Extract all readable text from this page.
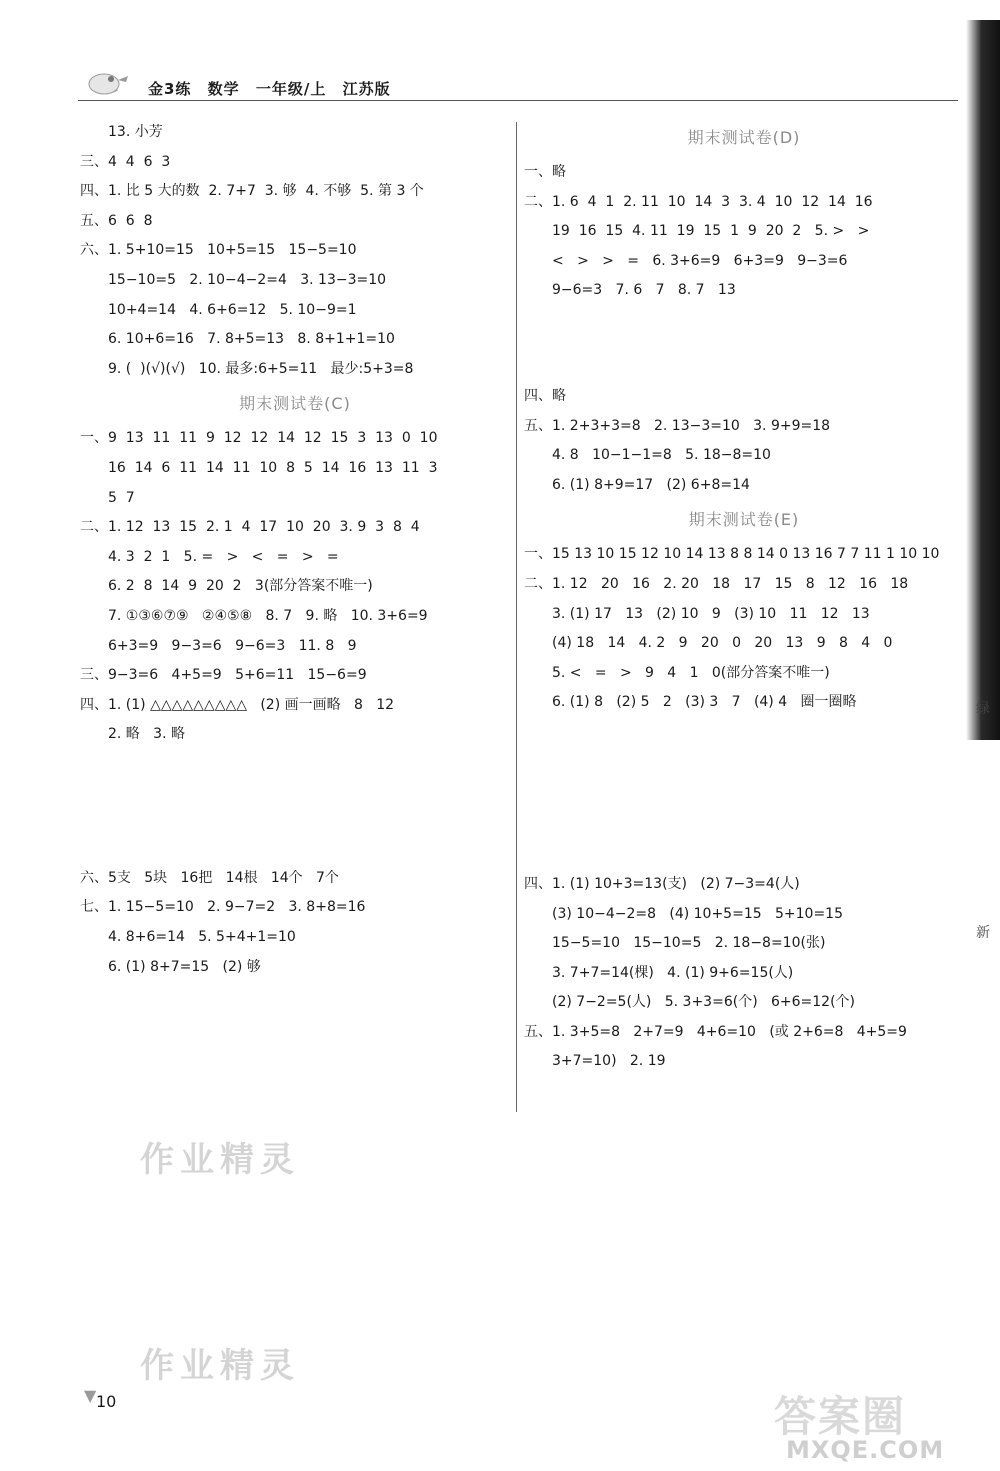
绿
新
金3练 数学 一年级/上 江苏版
13. 小芳
三、4  4  6  3
四、1. 比 5 大的数  2. 7+7  3. 够  4. 不够  5. 第 3 个
五、6  6  8
六、1. 5+10=15   10+5=15   15−5=10
15−10=5   2. 10−4−2=4   3. 13−3=10
10+4=14   4. 6+6=12   5. 10−9=1
6. 10+6=16   7. 8+5=13   8. 8+1+1=10
9. (  )(√)(√)   10. 最多:6+5=11   最少:5+3=8
期末测试卷(C)
一、9  13  11  11  9  12  12  14  12  15  3  13  0  10
16  14  6  11  14  11  10  8  5  14  16  13  11  3
5  7
二、1. 12  13  15  2. 1  4  17  10  20  3. 9  3  8  4
4. 3  2  1   5. =   >   <   =   >   =
6. 2  8  14  9  20  2   3(部分答案不唯一)
7. ①③⑥⑦⑨   ②④⑤⑧   8. 7   9. 略   10. 3+6=9
6+3=9   9−3=6   9−6=3   11. 8   9
三、9−3=6   4+5=9   5+6=11   15−6=9
四、1. (1) △△△△△△△△△   (2) 画一画略   8   12
2. 略   3. 略

六、5支   5块   16把   14根   14个   7个
七、1. 15−5=10   2. 9−7=2   3. 8+8=16
4. 8+6=14   5. 5+4+1=10
6. (1) 8+7=15   (2) 够
期末测试卷(D)
一、略
二、1. 6  4  1  2. 11  10  14  3  3. 4  10  12  14  16
19  16  15  4. 11  19  15  1  9  20  2   5. >   >
<   >   >   =   6. 3+6=9   6+3=9   9−3=6
9−6=3   7. 6   7   8. 7   13

四、略
五、1. 2+3+3=8   2. 13−3=10   3. 9+9=18
4. 8   10−1−1=8   5. 18−8=10
6. (1) 8+9=17   (2) 6+8=14
期末测试卷(E)
一、15 13 10 15 12 10 14 13 8 8 14 0 13 16 7 7 11 1 10 10
二、1. 12   20   16   2. 20   18   17   15   8   12   16   18
3. (1) 17   13   (2) 10   9   (3) 10   11   12   13
(4) 18   14   4. 2   9   20   0   20   13   9   8   4   0
5. <   =   >   9   4   1   0(部分答案不唯一)
6. (1) 8   (2) 5   2   (3) 3   7   (4) 4   圈一圈略

四、1. (1) 10+3=13(支)   (2) 7−3=4(人)
(3) 10−4−2=8   (4) 10+5=15   5+10=15
15−5=10   15−10=5   2. 18−8=10(张)
3. 7+7=14(棵)   4. (1) 9+6=15(人)
(2) 7−2=5(人)   5. 3+3=6(个)   6+6=12(个)
五、1. 3+5=8   2+7=9   4+6=10   (或 2+6=8   4+5=9
3+7=10)   2. 19
作业精灵
作业精灵
▼ 10	答案圈
MXQE.COM
